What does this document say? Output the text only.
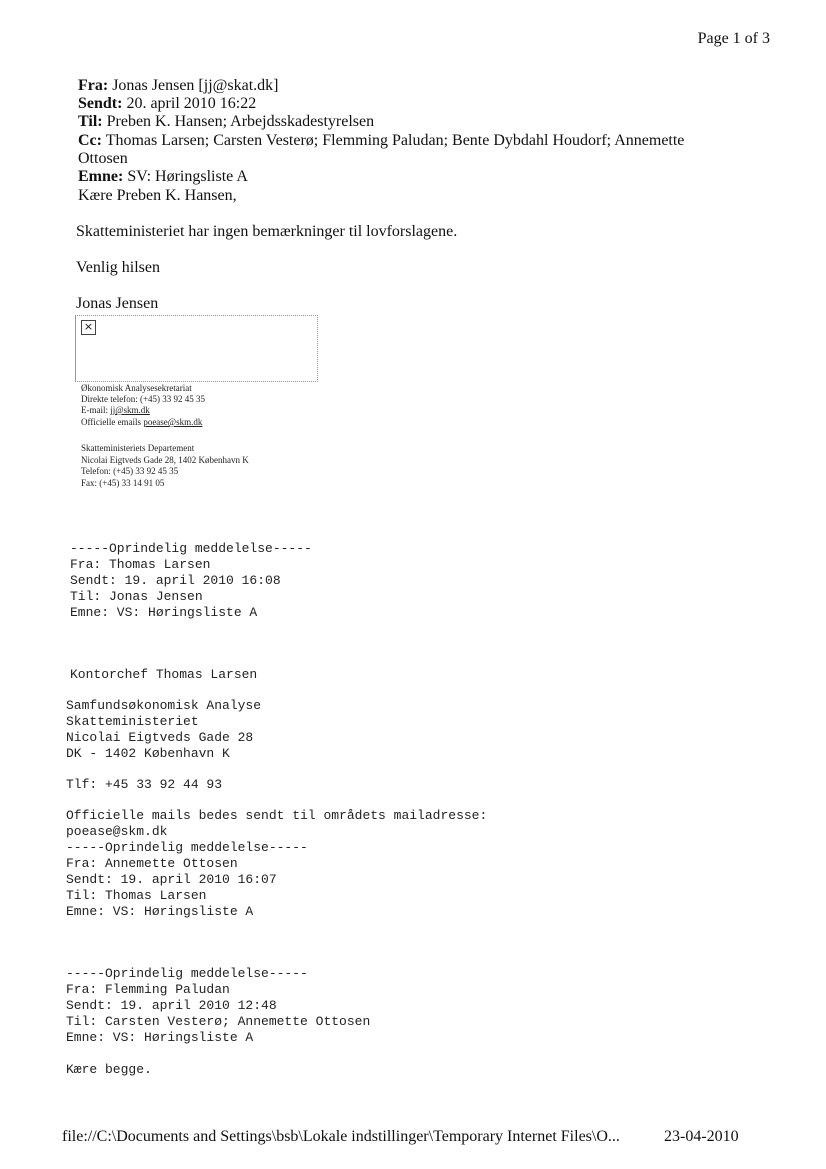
Page 1 of 3
Fra: Jonas Jensen [jj@skat.dk]
Sendt: 20. april 2010 16:22
Til: Preben K. Hansen; Arbejdsskadestyrelsen
Cc: Thomas Larsen; Carsten Vesterø; Flemming Paludan; Bente Dybdahl Houdorf; Annemette
Ottosen
Emne: SV: Høringsliste A
Kære Preben K. Hansen,
Skatteministeriet har ingen bemærkninger til lovforslagene.
Venlig hilsen
Jonas Jensen
×
Økonomisk Analysesekretariat
Direkte telefon: (+45) 33 92 45 35
E-mail: jj@skm.dk
Officielle emails poease@skm.dk
Skatteministeriets Departement
Nicolai Eigtveds Gade 28, 1402 København K
Telefon: (+45) 33 92 45 35
Fax: (+45) 33 14 91 05
-----Oprindelig meddelelse-----
Fra: Thomas Larsen
Sendt: 19. april 2010 16:08
Til: Jonas Jensen
Emne: VS: Høringsliste A
Kontorchef Thomas Larsen
Samfundsøkonomisk Analyse
Skatteministeriet
Nicolai Eigtveds Gade 28
DK - 1402 København K
Tlf: +45 33 92 44 93
Officielle mails bedes sendt til områdets mailadresse:
poease@skm.dk
-----Oprindelig meddelelse-----
Fra: Annemette Ottosen
Sendt: 19. april 2010 16:07
Til: Thomas Larsen
Emne: VS: Høringsliste A
-----Oprindelig meddelelse-----
Fra: Flemming Paludan
Sendt: 19. april 2010 12:48
Til: Carsten Vesterø; Annemette Ottosen
Emne: VS: Høringsliste A
Kære begge.
file://C:\Documents and Settings\bsb\Lokale indstillinger\Temporary Internet Files\O...	23-04-2010
